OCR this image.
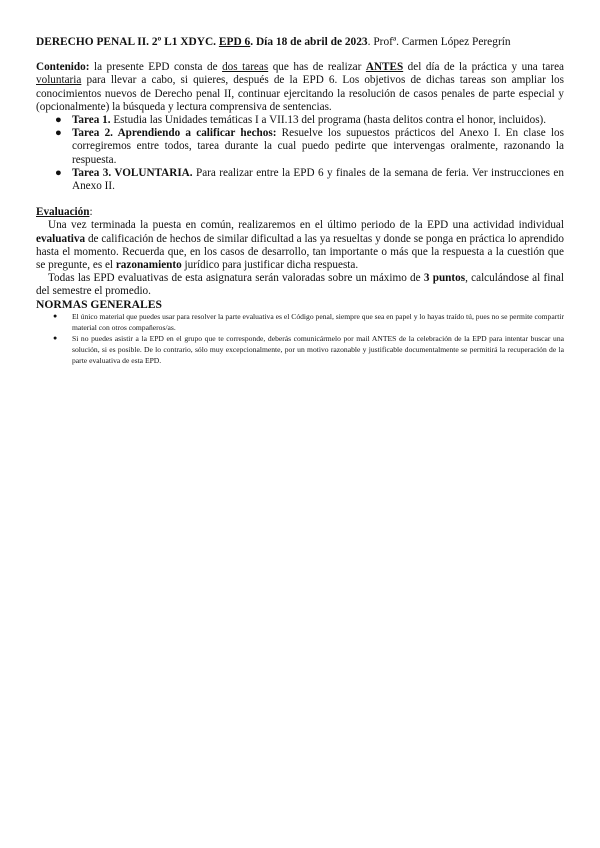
DERECHO PENAL II. 2º L1 XDYC. EPD 6. Día 18 de abril de 2023. Profª. Carmen López Peregrín

Contenido: la presente EPD consta de dos tareas que has de realizar ANTES del día de la práctica y una tarea voluntaria para llevar a cabo, si quieres, después de la EPD 6. Los objetivos de dichas tareas son ampliar los conocimientos nuevos de Derecho penal II, continuar ejercitando la resolución de casos penales de parte especial y (opcionalmente) la búsqueda y lectura comprensiva de sentencias.

● Tarea 1. Estudia las Unidades temáticas I a VII.13 del programa (hasta delitos contra el honor, incluidos).
● Tarea 2. Aprendiendo a calificar hechos: Resuelve los supuestos prácticos del Anexo I. En clase los corregiremos entre todos, tarea durante la cual puedo pedirte que intervengas oralmente, razonando la respuesta.
● Tarea 3. VOLUNTARIA. Para realizar entre la EPD 6 y finales de la semana de feria. Ver instrucciones en Anexo II.

Evaluación:

Una vez terminada la puesta en común, realizaremos en el último periodo de la EPD una actividad individual evaluativa de calificación de hechos de similar dificultad a las ya resueltas y donde se ponga en práctica lo aprendido hasta el momento. Recuerda que, en los casos de desarrollo, tan importante o más que la respuesta a la cuestión que se pregunte, es el razonamiento jurídico para justificar dicha respuesta.

Todas las EPD evaluativas de esta asignatura serán valoradas sobre un máximo de 3 puntos, calculándose al final del semestre el promedio.

NORMAS GENERALES

● El único material que puedes usar para resolver la parte evaluativa es el Código penal, siempre que sea en papel y lo hayas traído tú, pues no se permite compartir material con otros compañeros/as.
● Si no puedes asistir a la EPD en el grupo que te corresponde, deberás comunicármelo por mail ANTES de la celebración de la EPD para intentar buscar una solución, si es posible. De lo contrario, sólo muy excepcionalmente, por un motivo razonable y justificable documentalmente se permitirá la recuperación de la parte evaluativa de esta EPD.
